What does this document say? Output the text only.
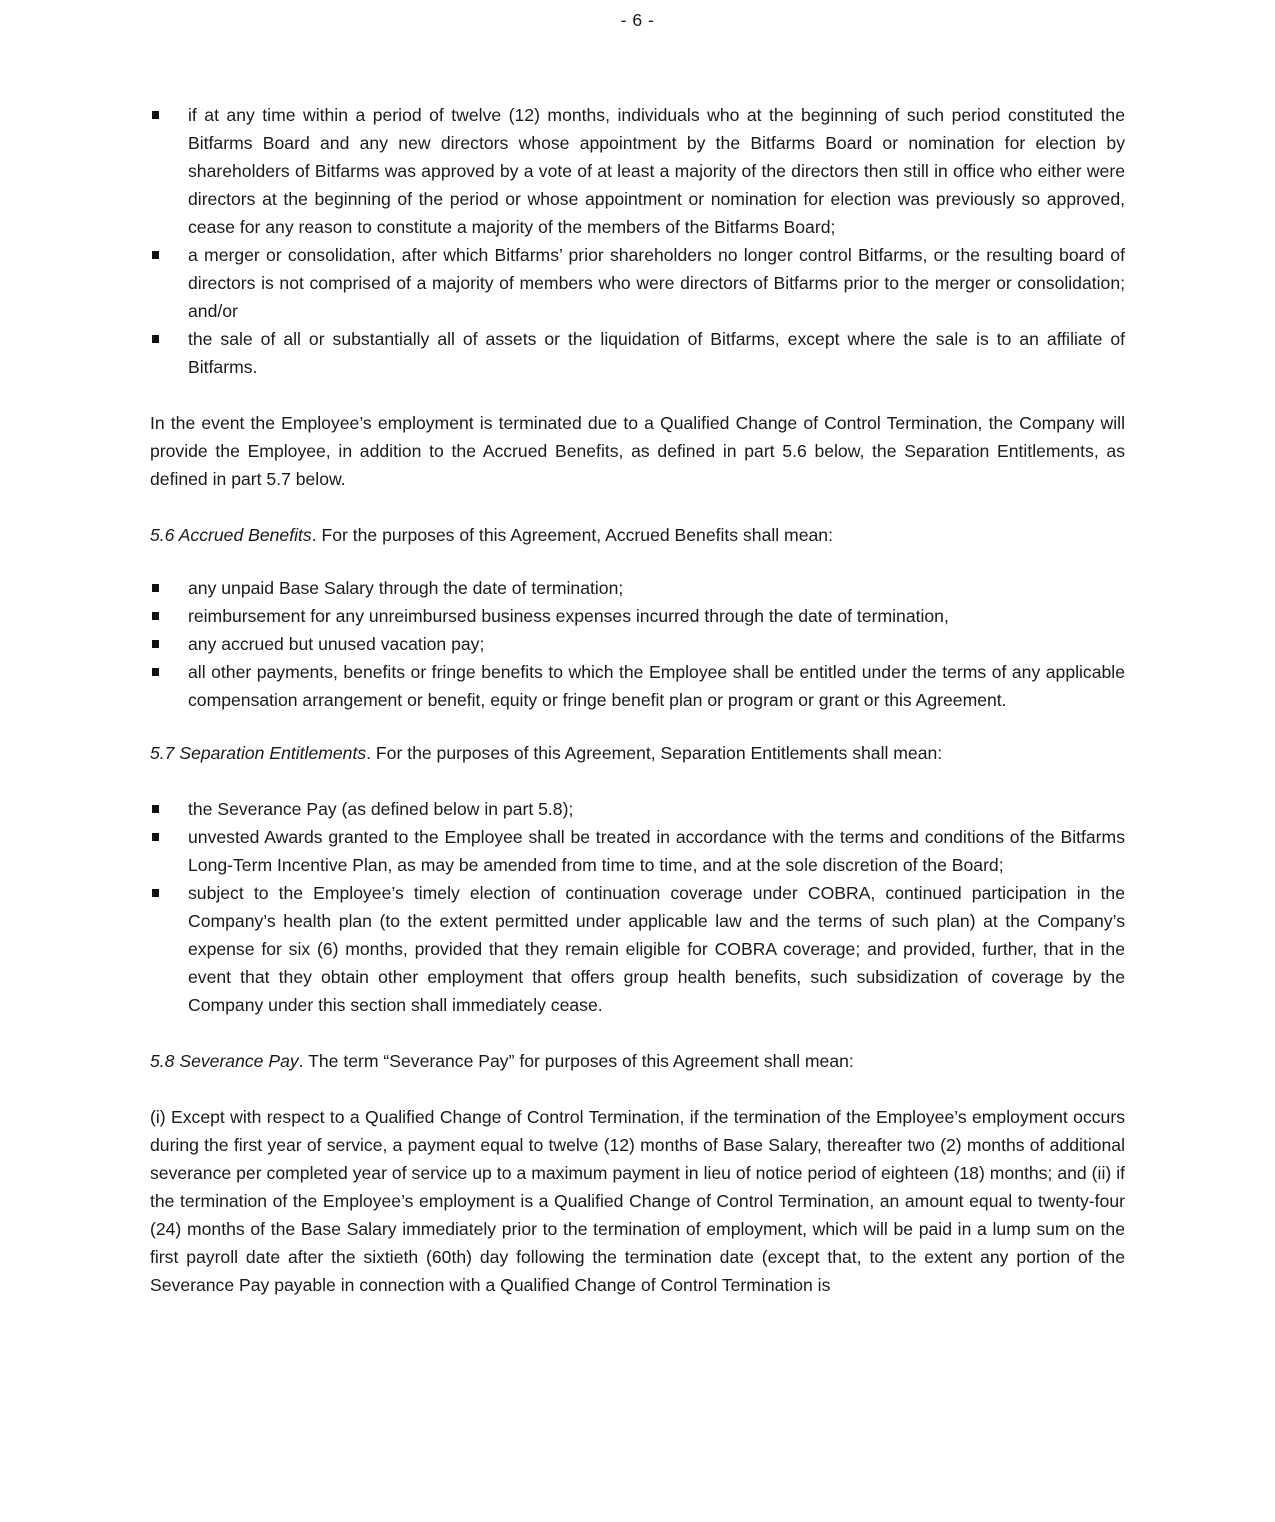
- 6 -
if at any time within a period of twelve (12) months, individuals who at the beginning of such period constituted the Bitfarms Board and any new directors whose appointment by the Bitfarms Board or nomination for election by shareholders of Bitfarms was approved by a vote of at least a majority of the directors then still in office who either were directors at the beginning of the period or whose appointment or nomination for election was previously so approved, cease for any reason to constitute a majority of the members of the Bitfarms Board;
a merger or consolidation, after which Bitfarms’ prior shareholders no longer control Bitfarms, or the resulting board of directors is not comprised of a majority of members who were directors of Bitfarms prior to the merger or consolidation; and/or
the sale of all or substantially all of assets or the liquidation of Bitfarms, except where the sale is to an affiliate of Bitfarms.

In the event the Employee’s employment is terminated due to a Qualified Change of Control Termination, the Company will provide the Employee, in addition to the Accrued Benefits, as defined in part 5.6 below, the Separation Entitlements, as defined in part 5.7 below.

5.6 Accrued Benefits. For the purposes of this Agreement, Accrued Benefits shall mean:

any unpaid Base Salary through the date of termination;
reimbursement for any unreimbursed business expenses incurred through the date of termination,
any accrued but unused vacation pay;
all other payments, benefits or fringe benefits to which the Employee shall be entitled under the terms of any applicable compensation arrangement or benefit, equity or fringe benefit plan or program or grant or this Agreement.

5.7 Separation Entitlements. For the purposes of this Agreement, Separation Entitlements shall mean:

the Severance Pay (as defined below in part 5.8);
unvested Awards granted to the Employee shall be treated in accordance with the terms and conditions of the Bitfarms Long-Term Incentive Plan, as may be amended from time to time, and at the sole discretion of the Board;
subject to the Employee’s timely election of continuation coverage under COBRA, continued participation in the Company’s health plan (to the extent permitted under applicable law and the terms of such plan) at the Company’s expense for six (6) months, provided that they remain eligible for COBRA coverage; and provided, further, that in the event that they obtain other employment that offers group health benefits, such subsidization of coverage by the Company under this section shall immediately cease.

5.8 Severance Pay. The term “Severance Pay” for purposes of this Agreement shall mean:

(i) Except with respect to a Qualified Change of Control Termination, if the termination of the Employee’s employment occurs during the first year of service, a payment equal to twelve (12) months of Base Salary, thereafter two (2) months of additional severance per completed year of service up to a maximum payment in lieu of notice period of eighteen (18) months; and (ii) if the termination of the Employee’s employment is a Qualified Change of Control Termination, an amount equal to twenty-four (24) months of the Base Salary immediately prior to the termination of employment, which will be paid in a lump sum on the first payroll date after the sixtieth (60th) day following the termination date (except that, to the extent any portion of the Severance Pay payable in connection with a Qualified Change of Control Termination is
